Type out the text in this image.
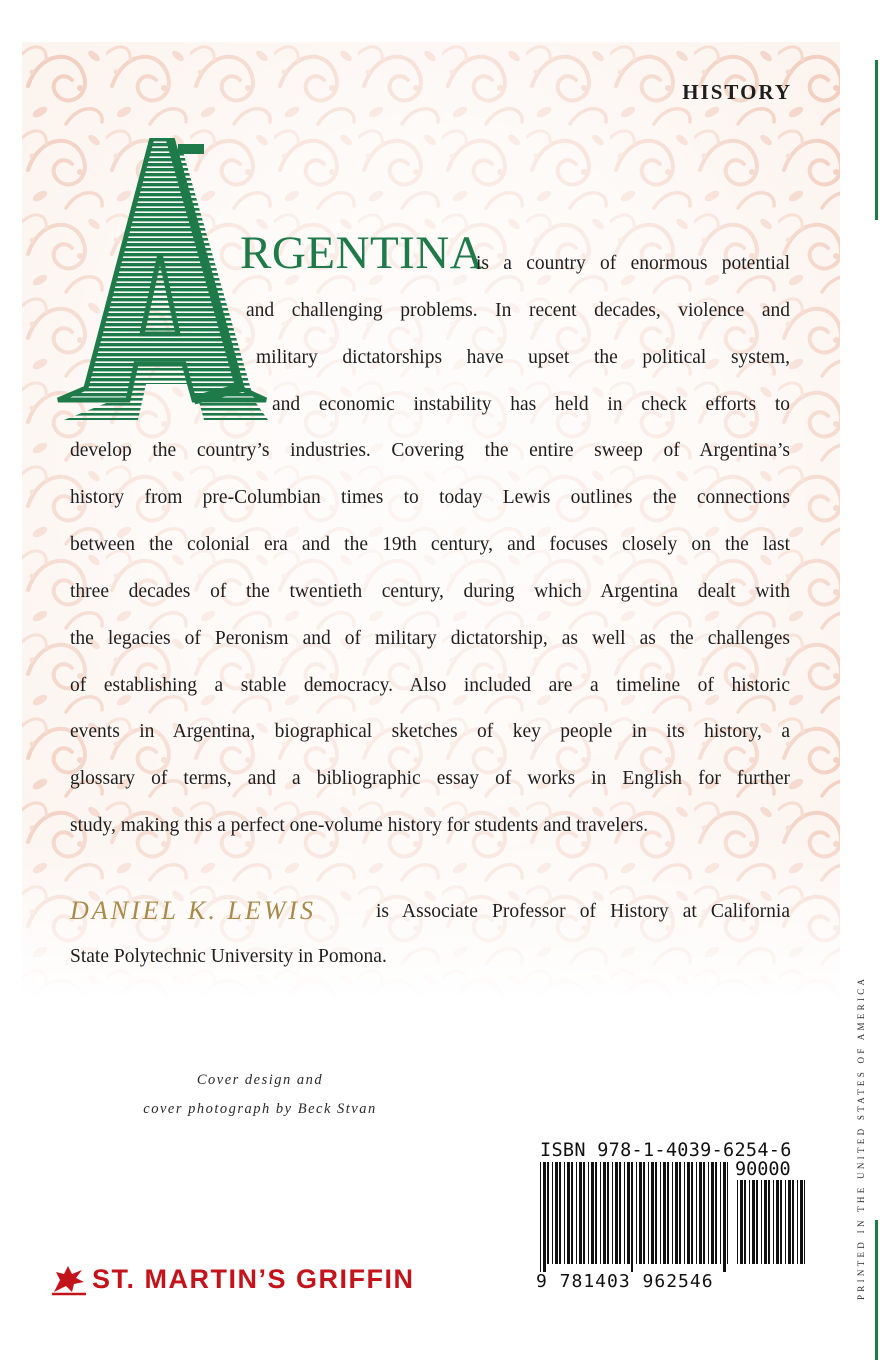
HISTORY
A
RGENTINA
is a country of enormous potential
and challenging problems. In recent decades, violence and
military dictatorships have upset the political system,
and economic instability has held in check efforts to
develop the country’s industries. Covering the entire sweep of Argentina’s
history from pre-Columbian times to today Lewis outlines the connections
between the colonial era and the 19th century, and focuses closely on the last
three decades of the twentieth century, during which Argentina dealt with
the legacies of Peronism and of military dictatorship, as well as the challenges
of establishing a stable democracy. Also included are a timeline of historic
events in Argentina, biographical sketches of key people in its history, a
glossary of terms, and a bibliographic essay of works in English for further
study, making this a perfect one-volume history for students and travelers.
DANIEL K. LEWIS	is Associate Professor of History at California
State Polytechnic University in Pomona.
Cover design and
cover photograph by Beck Stvan
ISBN 978-1-4039-6254-6
90000
9 781403 962546
ST. MARTIN’S GRIFFIN	PRINTED IN THE UNITED STATES OF AMERICA
